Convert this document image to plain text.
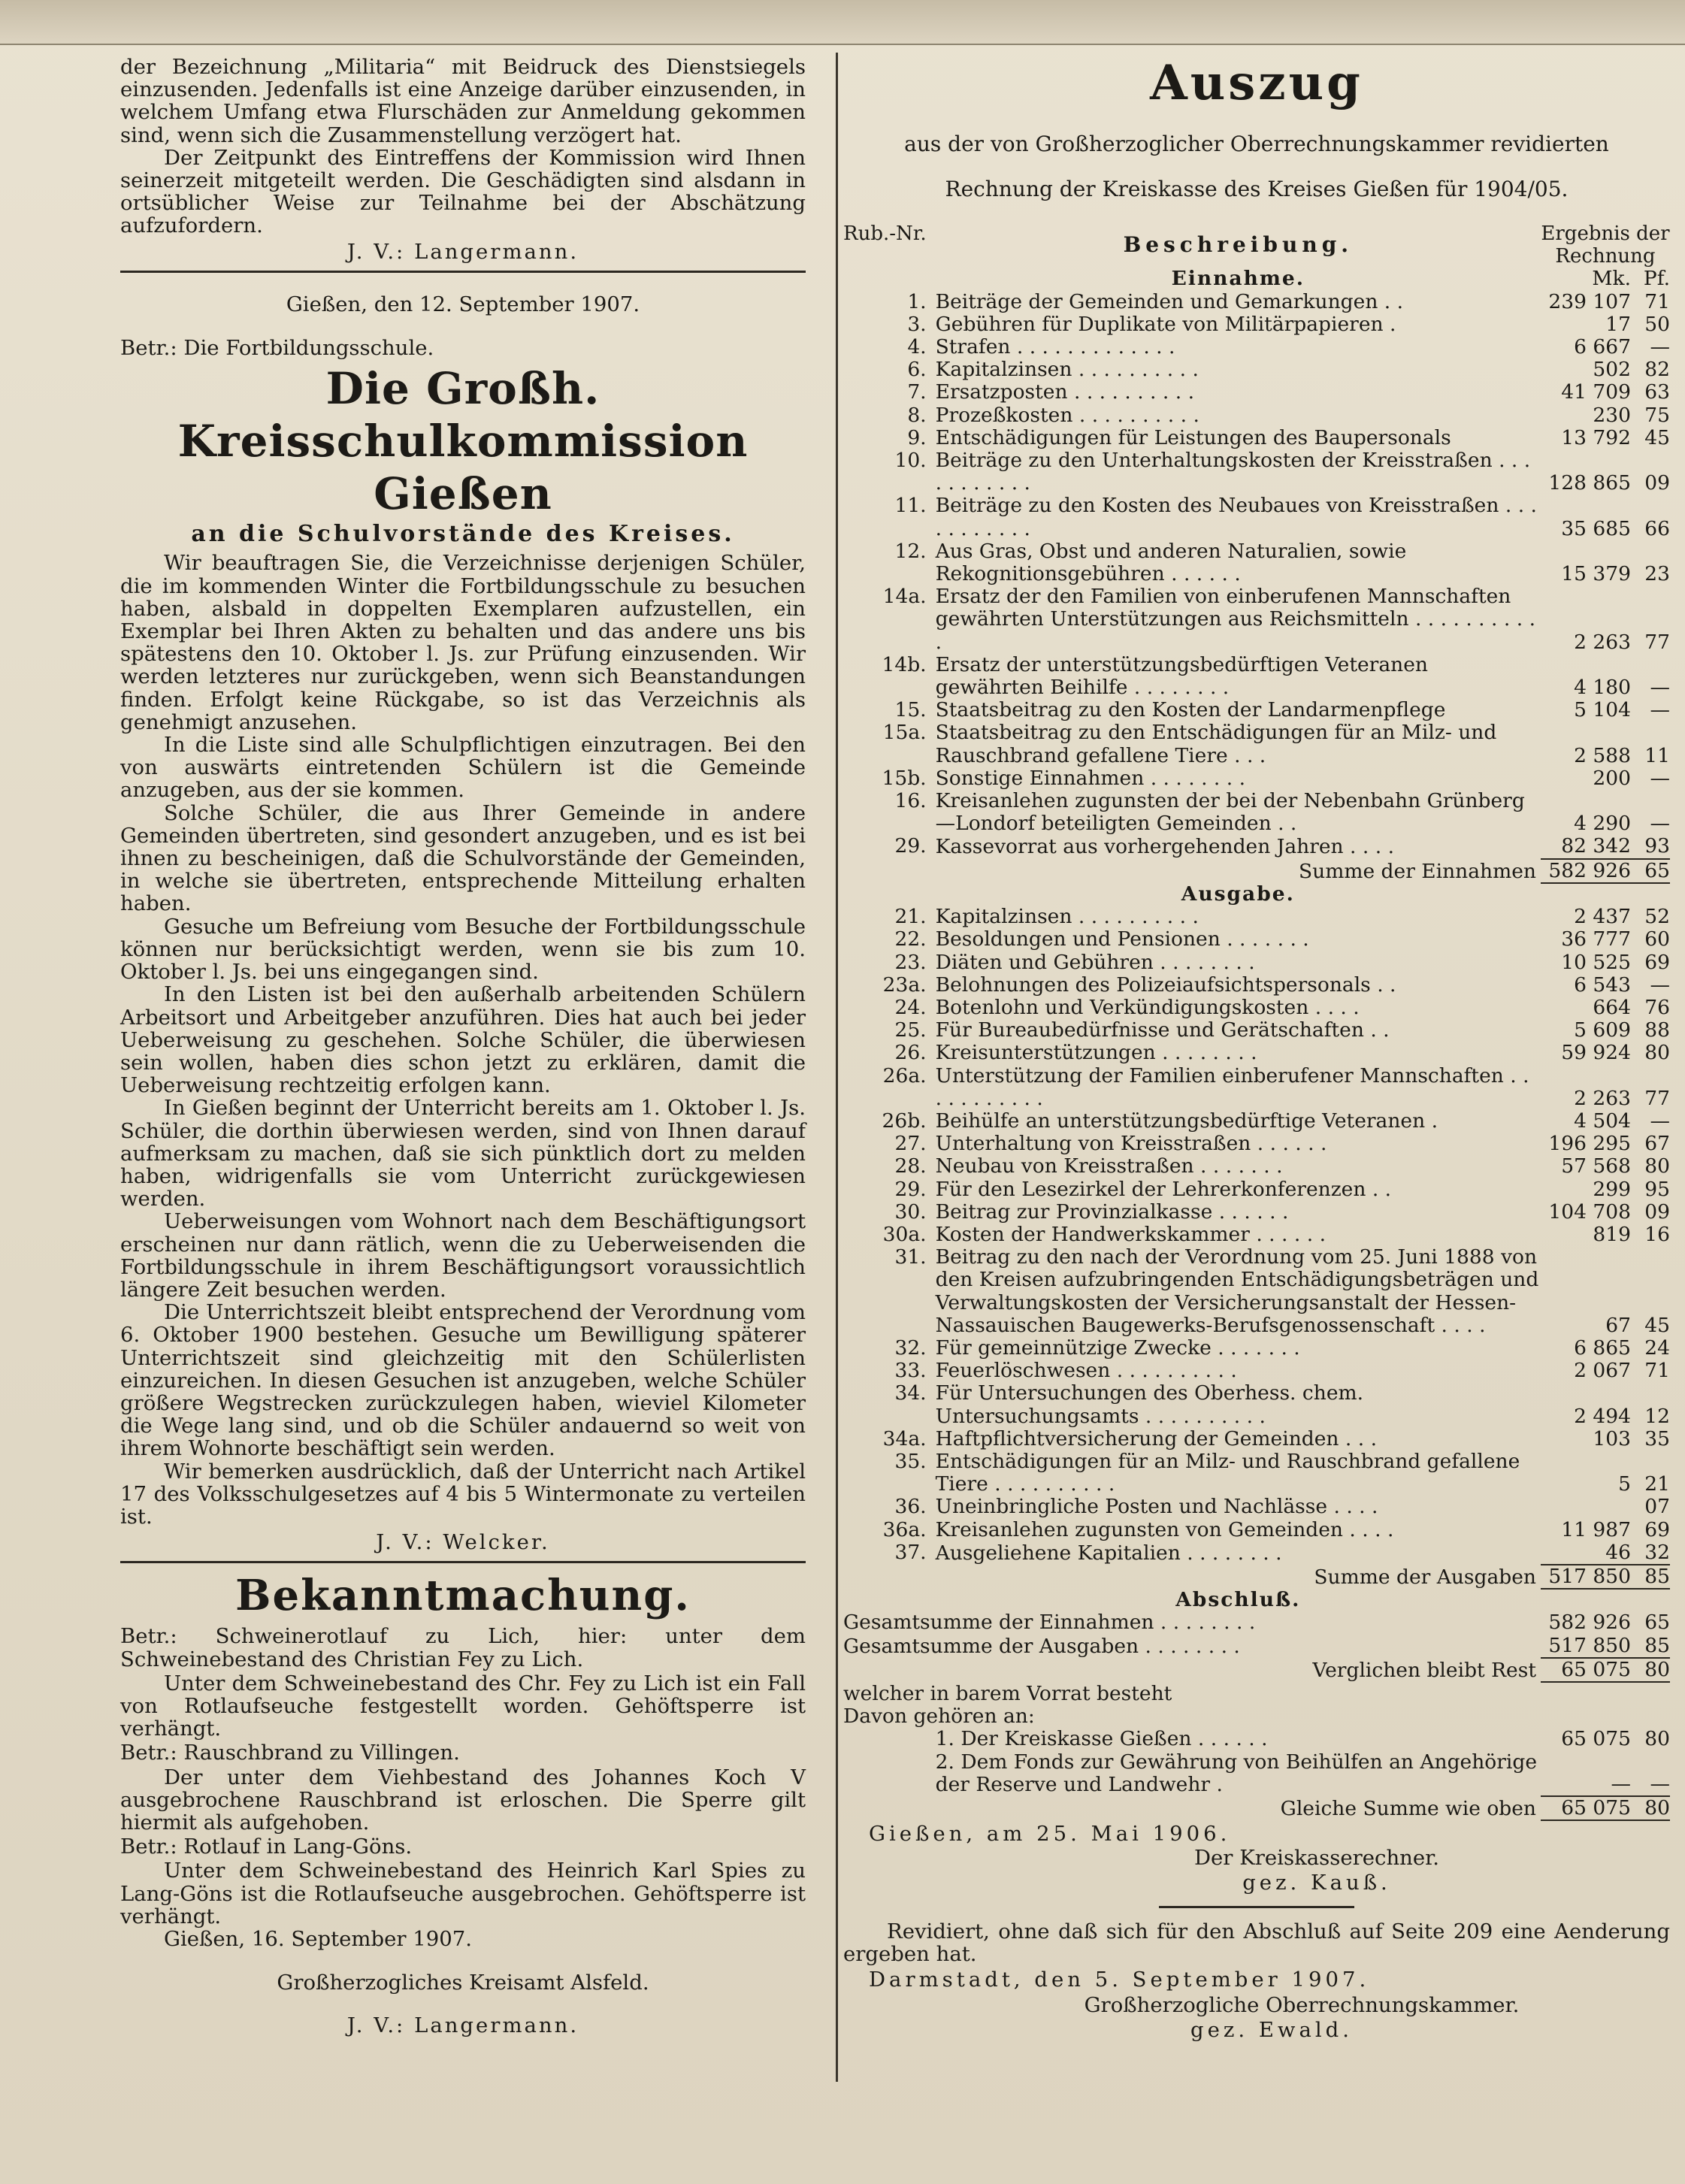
der Bezeichnung „Militaria“ mit Beidruck des Dienstsiegels einzusenden. Jedenfalls ist eine Anzeige darüber einzusenden, in welchem Umfang etwa Flurschäden zur Anmeldung gekommen sind, wenn sich die Zusammenstellung verzögert hat.

Der Zeitpunkt des Eintreffens der Kommission wird Ihnen seinerzeit mitgeteilt werden. Die Geschädigten sind alsdann in ortsüblicher Weise zur Teilnahme bei der Abschätzung aufzufordern.

J. V.: Langermann.

Gießen, den 12. September 1907.

Betr.: Die Fortbildungsschule.

Die Großh. Kreisschulkommission Gießen

an die Schulvorstände des Kreises.

Wir beauftragen Sie, die Verzeichnisse derjenigen Schüler, die im kommenden Winter die Fortbildungsschule zu besuchen haben, alsbald in doppelten Exemplaren aufzustellen, ein Exemplar bei Ihren Akten zu behalten und das andere uns bis spätestens den 10. Oktober l. Js. zur Prüfung einzusenden. Wir werden letzteres nur zurückgeben, wenn sich Beanstandungen finden. Erfolgt keine Rückgabe, so ist das Verzeichnis als genehmigt anzusehen.

In die Liste sind alle Schulpflichtigen einzutragen. Bei den von auswärts eintretenden Schülern ist die Gemeinde anzugeben, aus der sie kommen.

Solche Schüler, die aus Ihrer Gemeinde in andere Gemeinden übertreten, sind gesondert anzugeben, und es ist bei ihnen zu bescheinigen, daß die Schulvorstände der Gemeinden, in welche sie übertreten, entsprechende Mitteilung erhalten haben.

Gesuche um Befreiung vom Besuche der Fortbildungsschule können nur berücksichtigt werden, wenn sie bis zum 10. Oktober l. Js. bei uns eingegangen sind.

In den Listen ist bei den außerhalb arbeitenden Schülern Arbeitsort und Arbeitgeber anzuführen. Dies hat auch bei jeder Ueberweisung zu geschehen. Solche Schüler, die überwiesen sein wollen, haben dies schon jetzt zu erklären, damit die Ueberweisung rechtzeitig erfolgen kann.

In Gießen beginnt der Unterricht bereits am 1. Oktober l. Js. Schüler, die dorthin überwiesen werden, sind von Ihnen darauf aufmerksam zu machen, daß sie sich pünktlich dort zu melden haben, widrigenfalls sie vom Unterricht zurückgewiesen werden.

Ueberweisungen vom Wohnort nach dem Beschäftigungsort erscheinen nur dann rätlich, wenn die zu Ueberweisenden die Fortbildungsschule in ihrem Beschäftigungsort voraussichtlich längere Zeit besuchen werden.

Die Unterrichtszeit bleibt entsprechend der Verordnung vom 6. Oktober 1900 bestehen. Gesuche um Bewilligung späterer Unterrichtszeit sind gleichzeitig mit den Schülerlisten einzureichen. In diesen Gesuchen ist anzugeben, welche Schüler größere Wegstrecken zurückzulegen haben, wieviel Kilometer die Wege lang sind, und ob die Schüler andauernd so weit von ihrem Wohnorte beschäftigt sein werden.

Wir bemerken ausdrücklich, daß der Unterricht nach Artikel 17 des Volksschulgesetzes auf 4 bis 5 Wintermonate zu verteilen ist.

J. V.: Welcker.

Bekanntmachung.

Betr.: Schweinerotlauf zu Lich, hier: unter dem Schweinebestand des Christian Fey zu Lich.

Unter dem Schweinebestand des Chr. Fey zu Lich ist ein Fall von Rotlaufseuche festgestellt worden. Gehöftsperre ist verhängt.

Betr.: Rauschbrand zu Villingen.

Der unter dem Viehbestand des Johannes Koch V ausgebrochene Rauschbrand ist erloschen. Die Sperre gilt hiermit als aufgehoben.

Betr.: Rotlauf in Lang-Göns.

Unter dem Schweinebestand des Heinrich Karl Spies zu Lang-Göns ist die Rotlaufseuche ausgebrochen. Gehöftsperre ist verhängt.

Gießen, 16. September 1907.

Großherzogliches Kreisamt Alsfeld.

J. V.: Langermann.

Auszug

aus der von Großherzoglicher Oberrechnungskammer revidierten

Rechnung der Kreiskasse des Kreises Gießen für 1904/05.

Rub.-Nr.	Beschreibung.	Ergebnis der Rechnung	
	Einnahme.	Mk.	Pf.
1.	Beiträge der Gemeinden und Gemarkungen . .	239 107	71
3.	Gebühren für Duplikate von Militärpapieren .	17	50
4.	Strafen . . . . . . . . . . . . .	6 667	—
6.	Kapitalzinsen . . . . . . . . . .	502	82
7.	Ersatzposten . . . . . . . . . .	41 709	63
8.	Prozeßkosten . . . . . . . . . .	230	75
9.	Entschädigungen für Leistungen des Baupersonals	13 792	45
10.	Beiträge zu den Unterhaltungskosten der Kreisstraßen . . . . . . . . . . .	128 865	09
11.	Beiträge zu den Kosten des Neubaues von Kreisstraßen . . . . . . . . . . .	35 685	66
12.	Aus Gras, Obst und anderen Naturalien, sowie Rekognitionsgebühren . . . . . .	15 379	23
14a.	Ersatz der den Familien von einberufenen Mannschaften gewährten Unterstützungen aus Reichsmitteln . . . . . . . . . . .	2 263	77
14b.	Ersatz der unterstützungsbedürftigen Veteranen gewährten Beihilfe . . . . . . . .	4 180	—
15.	Staatsbeitrag zu den Kosten der Landarmenpflege	5 104	—
15a.	Staatsbeitrag zu den Entschädigungen für an Milz- und Rauschbrand gefallene Tiere . . .	2 588	11
15b.	Sonstige Einnahmen . . . . . . . .	200	—
16.	Kreisanlehen zugunsten der bei der Nebenbahn Grünberg—Londorf beteiligten Gemeinden . .	4 290	—
29.	Kassevorrat aus vorhergehenden Jahren . . . .	82 342	93
	Summe der Einnahmen	582 926	65
	Ausgabe.		
21.	Kapitalzinsen . . . . . . . . . .	2 437	52
22.	Besoldungen und Pensionen . . . . . . .	36 777	60
23.	Diäten und Gebühren . . . . . . . .	10 525	69
23a.	Belohnungen des Polizeiaufsichtspersonals . .	6 543	—
24.	Botenlohn und Verkündigungskosten . . . .	664	76
25.	Für Bureaubedürfnisse und Gerätschaften . .	5 609	88
26.	Kreisunterstützungen . . . . . . . .	59 924	80
26a.	Unterstützung der Familien einberufener Mannschaften . . . . . . . . . . .	2 263	77
26b.	Beihülfe an unterstützungsbedürftige Veteranen .	4 504	—
27.	Unterhaltung von Kreisstraßen . . . . . .	196 295	67
28.	Neubau von Kreisstraßen . . . . . . .	57 568	80
29.	Für den Lesezirkel der Lehrerkonferenzen . .	299	95
30.	Beitrag zur Provinzialkasse . . . . . .	104 708	09
30a.	Kosten der Handwerkskammer . . . . . .	819	16
31.	Beitrag zu den nach der Verordnung vom 25. Juni 1888 von den Kreisen aufzubringenden Entschädigungsbeträgen und Verwaltungskosten der Versicherungsanstalt der Hessen-Nassauischen Baugewerks-Berufsgenossenschaft . . . .	67	45
32.	Für gemeinnützige Zwecke . . . . . . .	6 865	24
33.	Feuerlöschwesen . . . . . . . . . .	2 067	71
34.	Für Untersuchungen des Oberhess. chem. Untersuchungsamts . . . . . . . . . .	2 494	12
34a.	Haftpflichtversicherung der Gemeinden . . .	103	35
35.	Entschädigungen für an Milz- und Rauschbrand gefallene Tiere . . . . . . . . . .	5	21
36.	Uneinbringliche Posten und Nachlässe . . . .		07
36a.	Kreisanlehen zugunsten von Gemeinden . . . .	11 987	69
37.	Ausgeliehene Kapitalien . . . . . . . .	46	32
	Summe der Ausgaben	517 850	85
	Abschluß.		
Gesamtsumme der Einnahmen . . . . . . . .		582 926	65
Gesamtsumme der Ausgaben . . . . . . . .		517 850	85
	Verglichen bleibt Rest	65 075	80
welcher in barem Vorrat besteht			
Davon gehören an:			
	1. Der Kreiskasse Gießen . . . . . .	65 075	80
	2. Dem Fonds zur Gewährung von Beihülfen an Angehörige der Reserve und Landwehr .	—	—
	Gleiche Summe wie oben	65 075	80

Gießen, am 25. Mai 1906.

Der Kreiskasserechner.

gez. Kauß.

Revidiert, ohne daß sich für den Abschluß auf Seite 209 eine Aenderung ergeben hat.

Darmstadt, den 5. September 1907.

Großherzogliche Oberrechnungskammer.

gez. Ewald.
